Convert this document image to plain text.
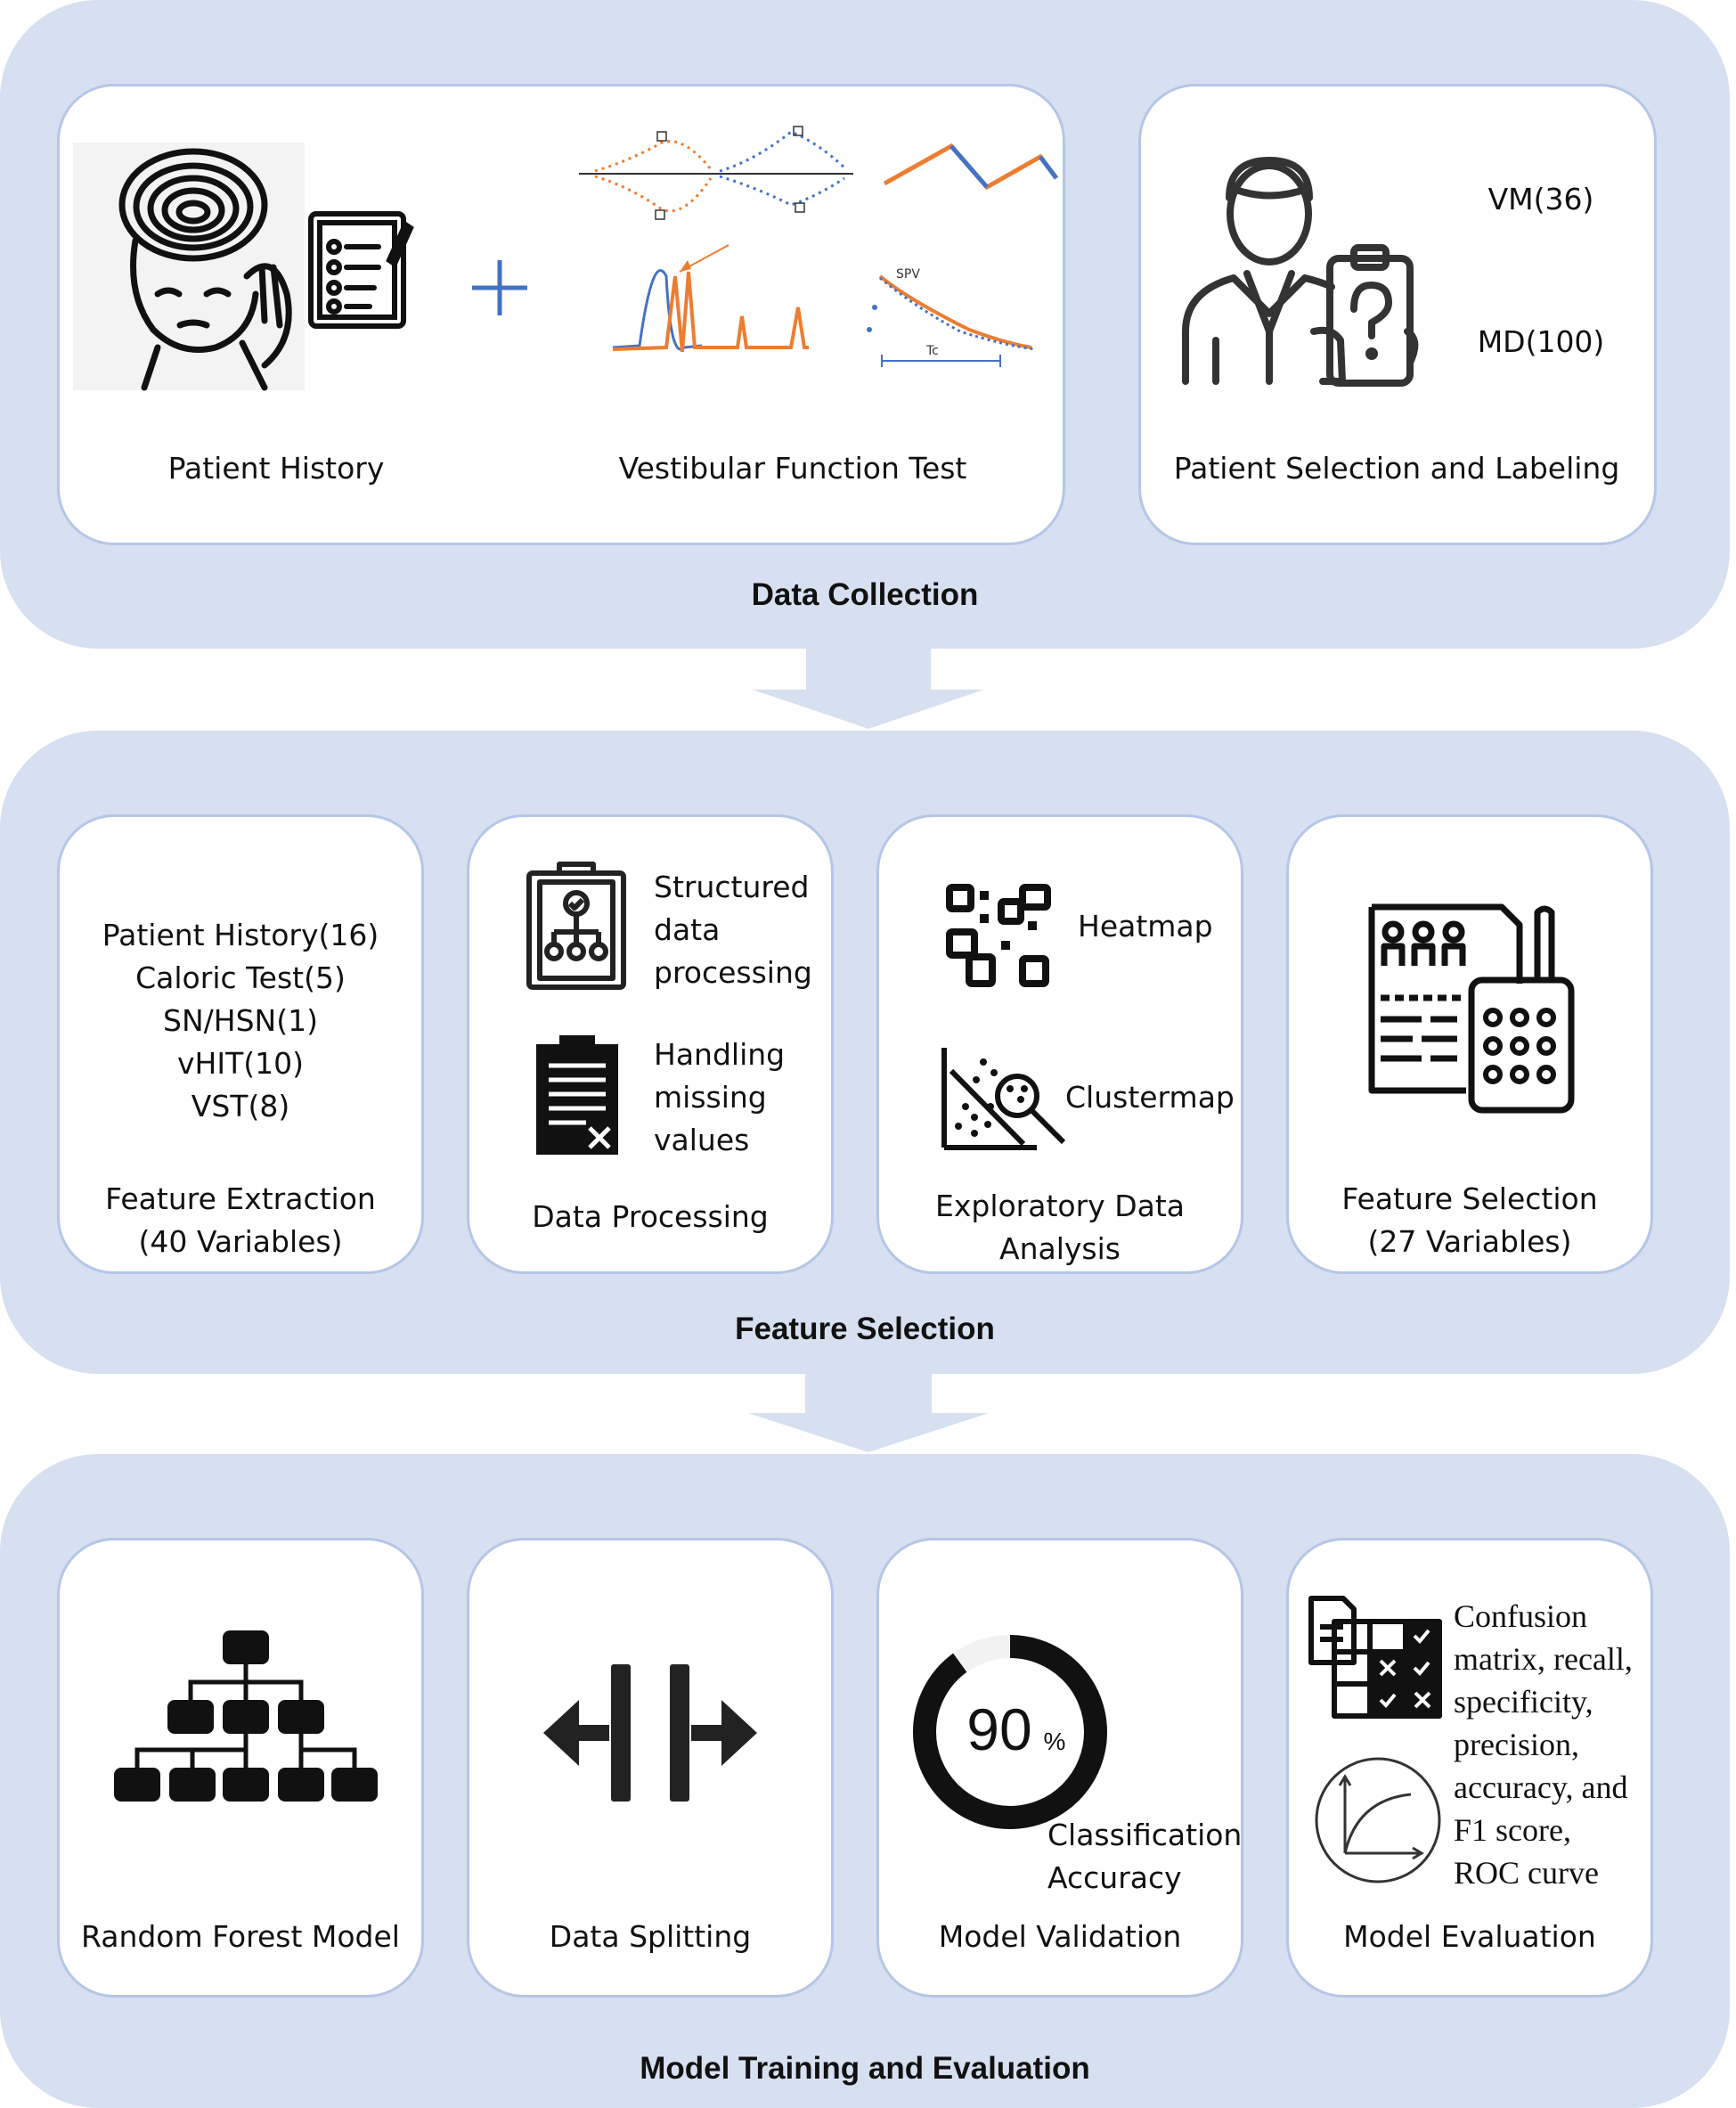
SPV
Tc
Patient History	Vestibular Function Test
VM(36)
MD(100)
Patient Selection and Labeling
Data Collection
Patient History(16)
Caloric Test(5)
SN/HSN(1)
vHIT(10)
VST(8)
Feature Extraction
(40 Variables)
Structured
data
processing
Handling
missing
values
Data Processing
Heatmap
Clustermap
Exploratory Data
Analysis
Feature Selection
(27 Variables)
Feature Selection
Random Forest Model	Data Splitting
90 %
Classification
Accuracy
Model Validation
Confusion
matrix, recall,
specificity,
precision,
accuracy, and
F1 score,
ROC curve
Model Evaluation
Model Training and Evaluation
